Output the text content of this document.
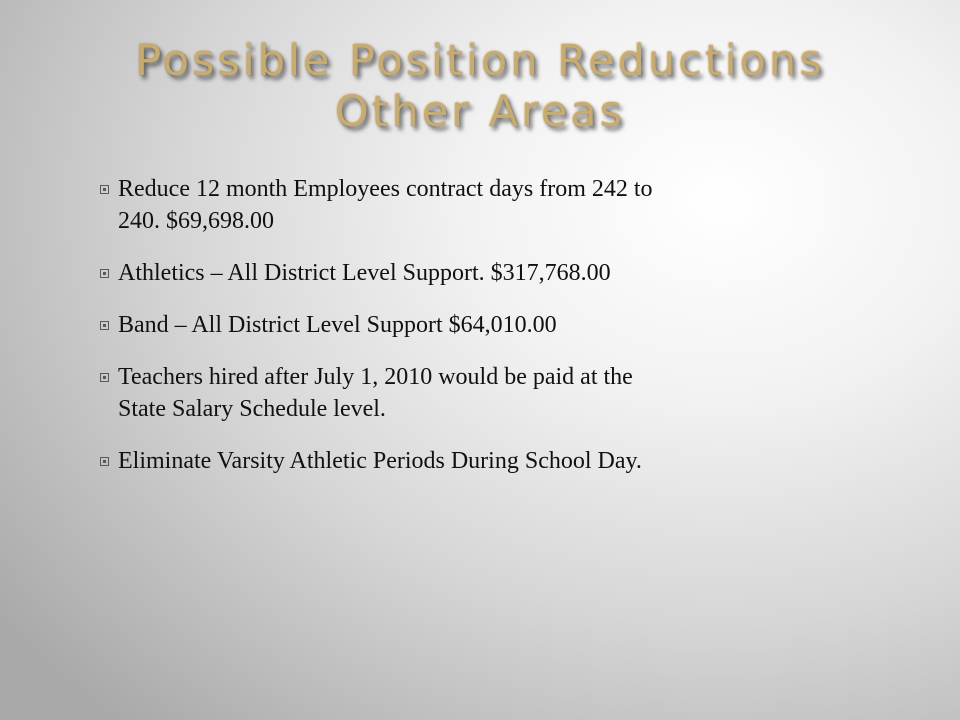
Possible Position Reductions
Other Areas
Reduce 12 month Employees contract days from 242 to
240. $69,698.00
Athletics – All District Level Support. $317,768.00
Band – All District Level Support $64,010.00
Teachers hired after July 1, 2010 would be paid at the
State Salary Schedule level.
Eliminate Varsity Athletic Periods During School Day.
